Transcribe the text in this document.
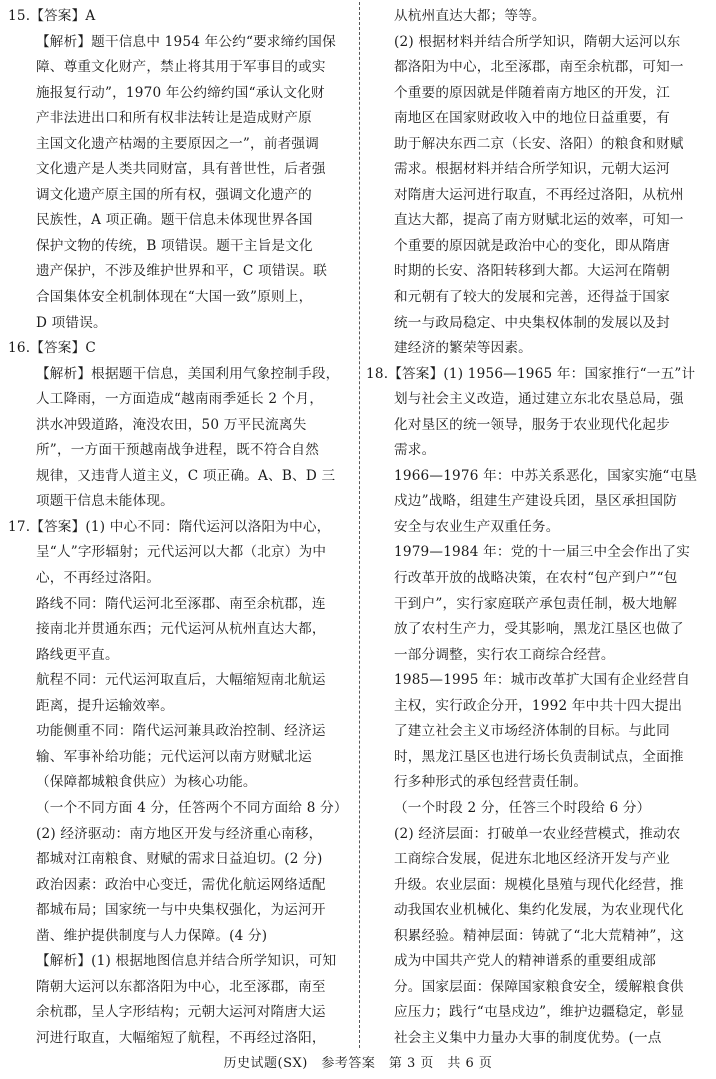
15.【答案】A
【解析】题干信息中 1954 年公约“要求缔约国保
障、尊重文化财产，禁止将其用于军事目的或实
施报复行动”，1970 年公约缔约国“承认文化财
产非法进出口和所有权非法转让是造成财产原
主国文化遗产枯竭的主要原因之一”，前者强调
文化遗产是人类共同财富，具有普世性，后者强
调文化遗产原主国的所有权，强调文化遗产的
民族性，A 项正确。题干信息未体现世界各国
保护文物的传统，B 项错误。题干主旨是文化
遗产保护，不涉及维护世界和平，C 项错误。联
合国集体安全机制体现在“大国一致”原则上，
D 项错误。
16.【答案】C
【解析】根据题干信息，美国利用气象控制手段，
人工降雨，一方面造成“越南雨季延长 2 个月，
洪水冲毁道路，淹没农田，50 万平民流离失
所”，一方面干预越南战争进程，既不符合自然
规律，又违背人道主义，C 项正确。A、B、D 三
项题干信息未能体现。
17.【答案】(1) 中心不同：隋代运河以洛阳为中心，
呈“人”字形辐射；元代运河以大都（北京）为中
心，不再经过洛阳。
路线不同：隋代运河北至涿郡、南至余杭郡，连
接南北并贯通东西；元代运河从杭州直达大都，
路线更平直。
航程不同：元代运河取直后，大幅缩短南北航运
距离，提升运输效率。
功能侧重不同：隋代运河兼具政治控制、经济运
输、军事补给功能；元代运河以南方财赋北运
（保障都城粮食供应）为核心功能。
（一个不同方面 4 分，任答两个不同方面给 8 分）
(2) 经济驱动：南方地区开发与经济重心南移，
都城对江南粮食、财赋的需求日益迫切。(2 分)
政治因素：政治中心变迁，需优化航运网络适配
都城布局；国家统一与中央集权强化，为运河开
凿、维护提供制度与人力保障。(4 分)
【解析】(1) 根据地图信息并结合所学知识，可知
隋朝大运河以东都洛阳为中心，北至涿郡，南至
余杭郡，呈人字形结构；元朝大运河对隋唐大运
河进行取直，大幅缩短了航程，不再经过洛阳，
从杭州直达大都；等等。
(2) 根据材料并结合所学知识，隋朝大运河以东
都洛阳为中心，北至涿郡，南至余杭郡，可知一
个重要的原因就是伴随着南方地区的开发，江
南地区在国家财政收入中的地位日益重要，有
助于解决东西二京（长安、洛阳）的粮食和财赋
需求。根据材料并结合所学知识，元朝大运河
对隋唐大运河进行取直，不再经过洛阳，从杭州
直达大都，提高了南方财赋北运的效率，可知一
个重要的原因就是政治中心的变化，即从隋唐
时期的长安、洛阳转移到大都。大运河在隋朝
和元朝有了较大的发展和完善，还得益于国家
统一与政局稳定、中央集权体制的发展以及封
建经济的繁荣等因素。
18.【答案】(1) 1956—1965 年：国家推行“一五”计
划与社会主义改造，通过建立东北农垦总局，强
化对垦区的统一领导，服务于农业现代化起步
需求。
1966—1976 年：中苏关系恶化，国家实施“屯垦
戍边”战略，组建生产建设兵团，垦区承担国防
安全与农业生产双重任务。
1979—1984 年：党的十一届三中全会作出了实
行改革开放的战略决策，在农村“包产到户”“包
干到户”，实行家庭联产承包责任制，极大地解
放了农村生产力，受其影响，黑龙江垦区也做了
一部分调整，实行农工商综合经营。
1985—1995 年：城市改革扩大国有企业经营自
主权，实行政企分开，1992 年中共十四大提出
了建立社会主义市场经济体制的目标。与此同
时，黑龙江垦区也进行场长负责制试点，全面推
行多种形式的承包经营责任制。
（一个时段 2 分，任答三个时段给 6 分）
(2) 经济层面：打破单一农业经营模式，推动农
工商综合发展，促进东北地区经济开发与产业
升级。农业层面：规模化垦殖与现代化经营，推
动我国农业机械化、集约化发展，为农业现代化
积累经验。精神层面：铸就了“北大荒精神”，这
成为中国共产党人的精神谱系的重要组成部
分。国家层面：保障国家粮食安全，缓解粮食供
应压力；践行“屯垦戍边”，维护边疆稳定，彰显
社会主义集中力量办大事的制度优势。(一点
历史试题(SX)　参考答案　第 3 页　共 6 页
